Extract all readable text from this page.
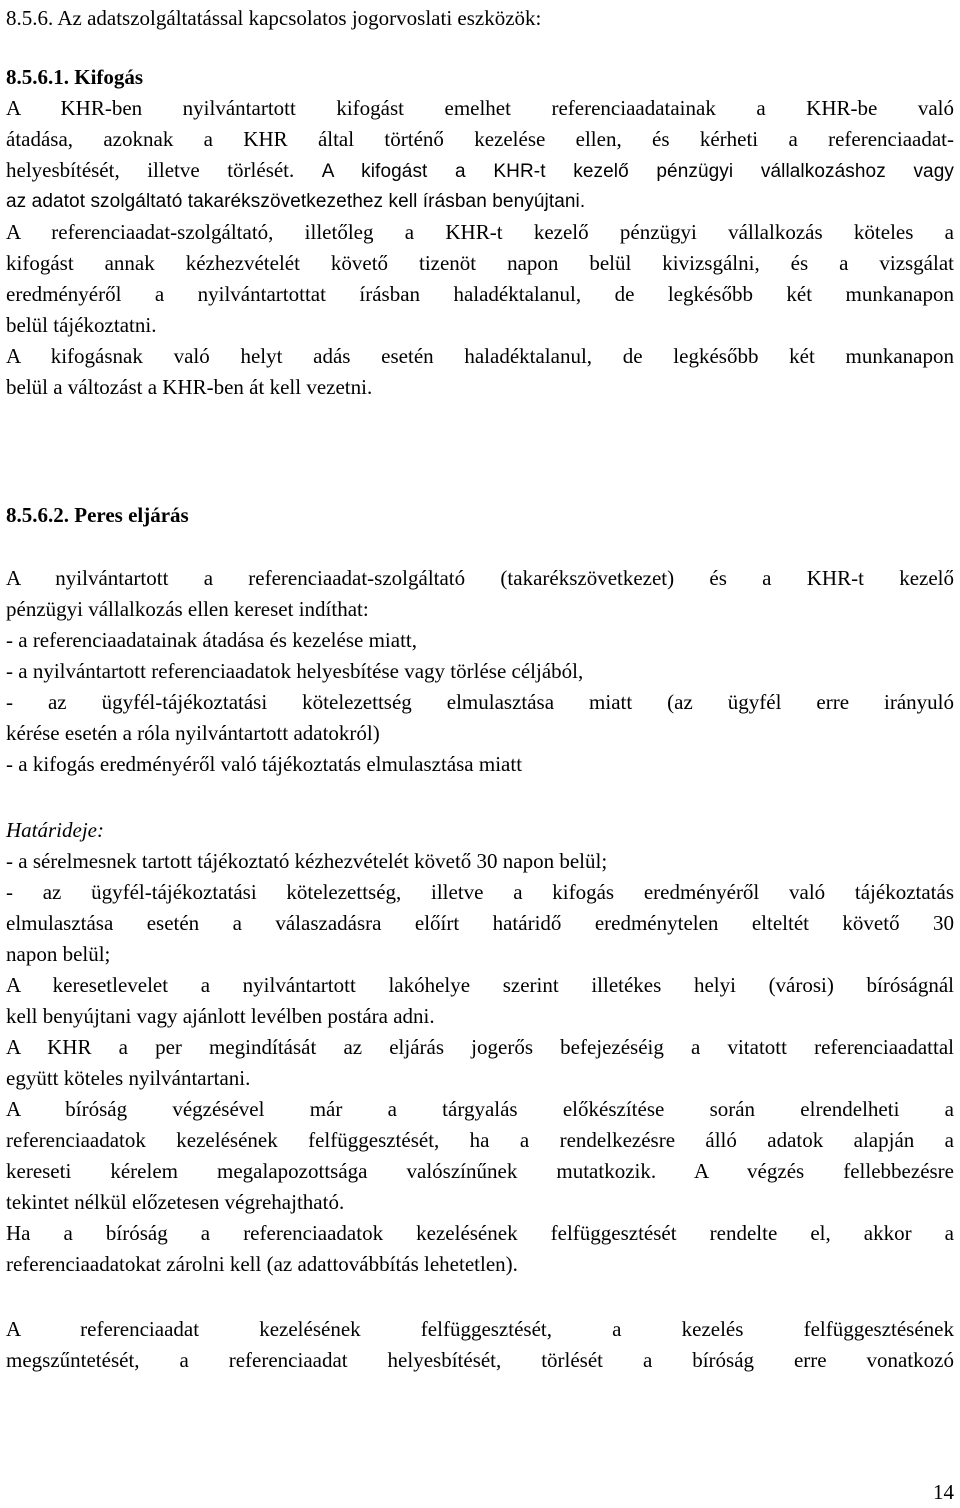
8.5.6. Az adatszolgáltatással kapcsolatos jogorvoslati eszközök:
8.5.6.1. Kifogás
A KHR-ben nyilvántartott kifogást emelhet referenciaadatainak a KHR-be való
átadása, azoknak a KHR által történő kezelése ellen, és kérheti a referenciaadat-
helyesbítését, illetve törlését. A kifogást a KHR-t kezelő pénzügyi vállalkozáshoz vagy
az adatot szolgáltató takarékszövetkezethez kell írásban benyújtani.
A referenciaadat-szolgáltató, illetőleg a KHR-t kezelő pénzügyi vállalkozás köteles a
kifogást annak kézhezvételét követő tizenöt napon belül kivizsgálni, és a vizsgálat
eredményéről a nyilvántartottat írásban haladéktalanul, de legkésőbb két munkanapon
belül tájékoztatni.
A kifogásnak való helyt adás esetén haladéktalanul, de legkésőbb két munkanapon
belül a változást a KHR-ben át kell vezetni.
8.5.6.2. Peres eljárás
A nyilvántartott a referenciaadat-szolgáltató (takarékszövetkezet) és a KHR-t kezelő
pénzügyi vállalkozás ellen kereset indíthat:
- a referenciaadatainak átadása és kezelése miatt,
- a nyilvántartott referenciaadatok helyesbítése vagy törlése céljából,
- az ügyfél-tájékoztatási kötelezettség elmulasztása miatt (az ügyfél erre irányuló
kérése esetén a róla nyilvántartott adatokról)
- a kifogás eredményéről való tájékoztatás elmulasztása miatt
Határideje:
- a sérelmesnek tartott tájékoztató kézhezvételét követő 30 napon belül;
- az ügyfél-tájékoztatási kötelezettség, illetve a kifogás eredményéről való tájékoztatás
elmulasztása esetén a válaszadásra előírt határidő eredménytelen elteltét követő 30
napon belül;
A keresetlevelet a nyilvántartott lakóhelye szerint illetékes helyi (városi) bíróságnál
kell benyújtani vagy ajánlott levélben postára adni.
A KHR a per megindítását az eljárás jogerős befejezéséig a vitatott referenciaadattal
együtt köteles nyilvántartani.
A bíróság végzésével már a tárgyalás előkészítése során elrendelheti a
referenciaadatok kezelésének felfüggesztését, ha a rendelkezésre álló adatok alapján a
kereseti kérelem megalapozottsága valószínűnek mutatkozik. A végzés fellebbezésre
tekintet nélkül előzetesen végrehajtható.
Ha a bíróság a referenciaadatok kezelésének felfüggesztését rendelte el, akkor a
referenciaadatokat zárolni kell (az adattovábbítás lehetetlen).
A referenciaadat kezelésének felfüggesztését, a kezelés felfüggesztésének
megszűntetését, a referenciaadat helyesbítését, törlését a bíróság erre vonatkozó
14
